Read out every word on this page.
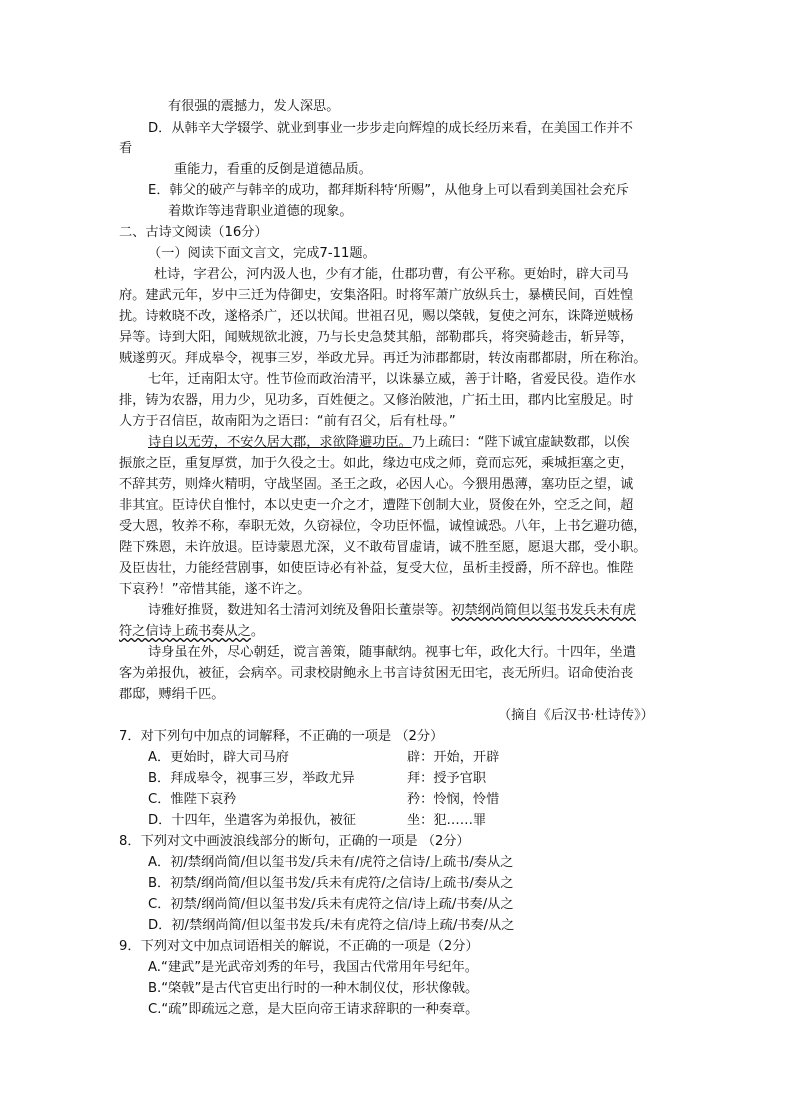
有很强的震撼力，发人深思。
D．从韩辛大学辍学、就业到事业一步步走向辉煌的成长经历来看，在美国工作并不
看
重能力，看重的反倒是道德品质。
E．韩父的破产与韩辛的成功，都拜斯科特‘所赐”，从他身上可以看到美国社会充斥
着欺诈等违背职业道德的现象。
二、古诗文阅读（16分）
（一）阅读下面文言文，完成7-11题。
杜诗，字君公，河内汲人也，少有才能，仕郡功曹，有公平称。更始时，辟大司马
府。建武元年，岁中三迁为侍御史，安集洛阳。时将军萧广放纵兵士，暴横民间，百姓惶
扰。诗敕晓不改，遂格杀广，还以状闻。世祖召见，赐以棨戟，复使之河东，诛降逆贼杨
异等。诗到大阳，闻贼规欲北渡，乃与长史急焚其船，部勒郡兵，将突骑趁击，斩异等，
贼遂剪灭。拜成皋令，视事三岁，举政尤异。再迁为沛郡都尉，转汝南郡都尉，所在称治。
七年，迁南阳太守。性节俭而政治清平，以诛暴立威，善于计略，省爱民役。造作水
排，铸为农器，用力少，见功多，百姓便之。又修治陂池，广拓土田，郡内比室殷足。时
人方于召信臣，故南阳为之语曰：“前有召父，后有杜母。”
诗自以无劳，不安久居大郡，求欲降避功臣。乃上疏曰：“陛下诚宜虚缺数郡，以俟
振旅之臣，重复厚赏，加于久役之士。如此，缘边屯戍之师，竟而忘死，乘城拒塞之吏，
不辞其劳，则烽火精明，守战坚固。圣王之政，必因人心。今猥用愚薄，塞功臣之望，诚
非其宜。臣诗伏自惟忖，本以史吏一介之才，遭陛下创制大业，贤俊在外，空乏之间，超
受大恩，牧养不称，奉职无效，久窃禄位，令功臣怀愠，诚惶诚恐。八年，上书乞避功德，
陛下殊恩，未许放退。臣诗蒙恩尤深，义不敢苟冒虚请，诚不胜至愿，愿退大郡，受小职。
及臣齿壮，力能经营剧事，如使臣诗必有补益，复受大位，虽析圭授爵，所不辞也。惟陛
下哀矜！”帝惜其能，遂不许之。
诗雅好推贤，数进知名士清河刘统及鲁阳长董崇等。初禁纲尚简但以玺书发兵未有虎
符之信诗上疏书奏从之。
诗身虽在外，尽心朝廷，谠言善策，随事献纳。视事七年，政化大行。十四年，坐遣
客为弟报仇，被征，会病卒。司隶校尉鲍永上书言诗贫困无田宅，丧无所归。诏命使治丧
郡邸，赙绢千匹。
（摘自《后汉书·杜诗传》）
7．对下列句中加点的词解释，不正确的一项是 （2分）
A．更始时，辟大司马府	辟：开始，开辟
B．拜成皋令，视事三岁，举政尤异	拜：授予官职
C．惟陛下哀矜	矜：怜悯，怜惜
D．十四年，坐遣客为弟报仇，被征	坐：犯……罪
8．下列对文中画波浪线部分的断句，正确的一项是 （2分）
A．初/禁纲尚简/但以玺书发/兵未有/虎符之信诗/上疏书/奏从之
B．初禁/纲尚简/但以玺书发/兵未有虎符/之信诗/上疏书/奏从之
C．初禁/纲尚简/但以玺书发/兵未有虎符之信/诗上疏/书奏/从之
D．初/禁纲尚简/但以玺书发兵/未有虎符之信/诗上疏/书奏/从之
9．下列对文中加点词语相关的解说，不正确的一项是（2分）
A.“建武”是光武帝刘秀的年号，我国古代常用年号纪年。
B.“棨戟”是古代官吏出行时的一种木制仪仗，形状像戟。
C.“疏”即疏远之意，是大臣向帝王请求辞职的一种奏章。
